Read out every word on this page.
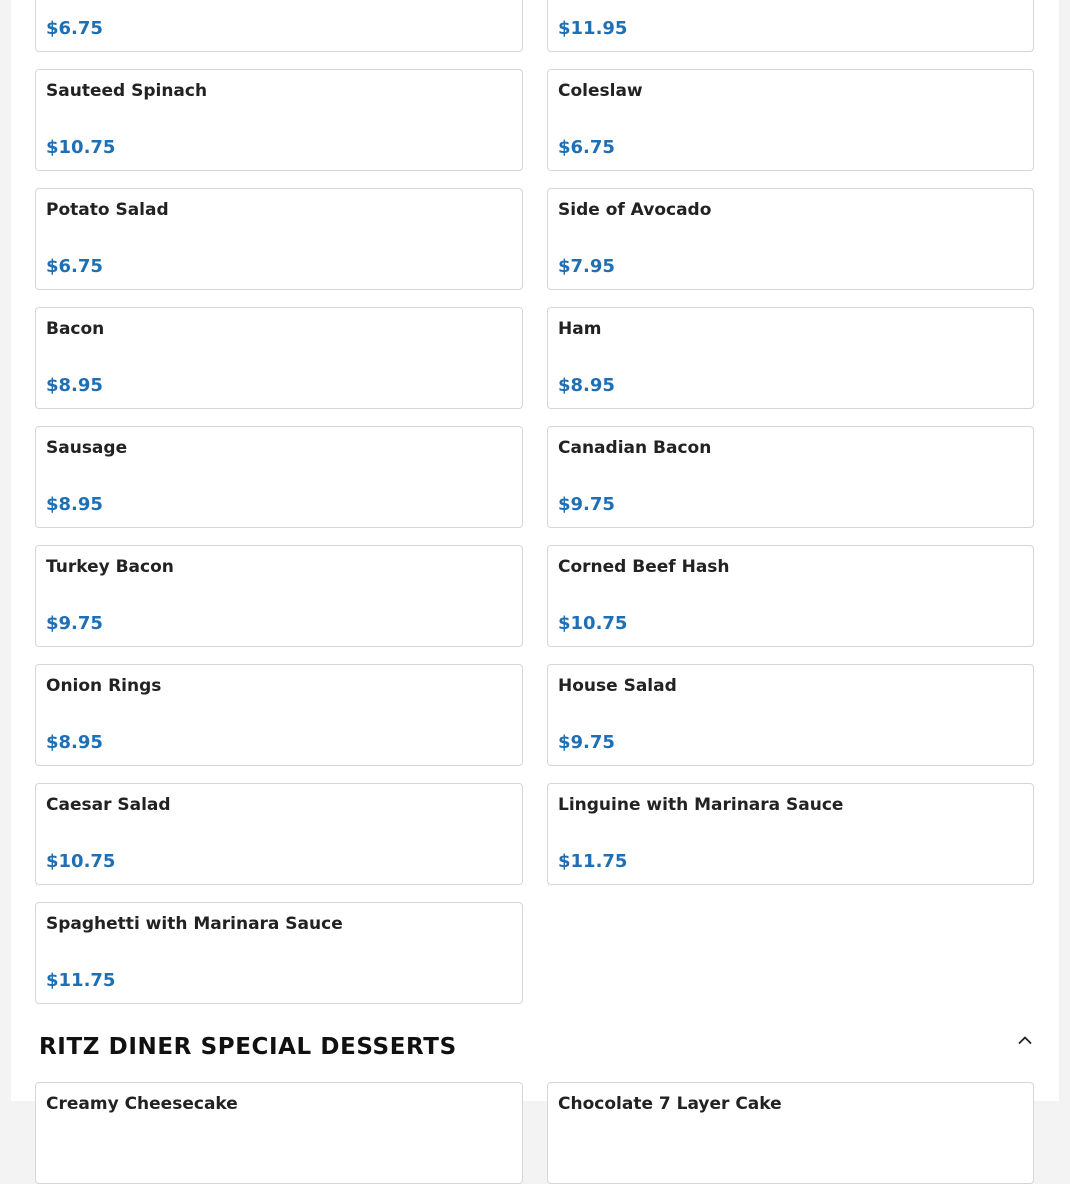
$6.75	$11.95
Sauteed Spinach
$10.75
Coleslaw
$6.75
Potato Salad
$6.75
Side of Avocado
$7.95
Bacon
$8.95
Ham
$8.95
Sausage
$8.95
Canadian Bacon
$9.75
Turkey Bacon
$9.75
Corned Beef Hash
$10.75
Onion Rings
$8.95
House Salad
$9.75
Caesar Salad
$10.75
Linguine with Marinara Sauce
$11.75
Spaghetti with Marinara Sauce
$11.75
RITZ DINER SPECIAL DESSERTS
Creamy Cheesecake	Chocolate 7 Layer Cake
